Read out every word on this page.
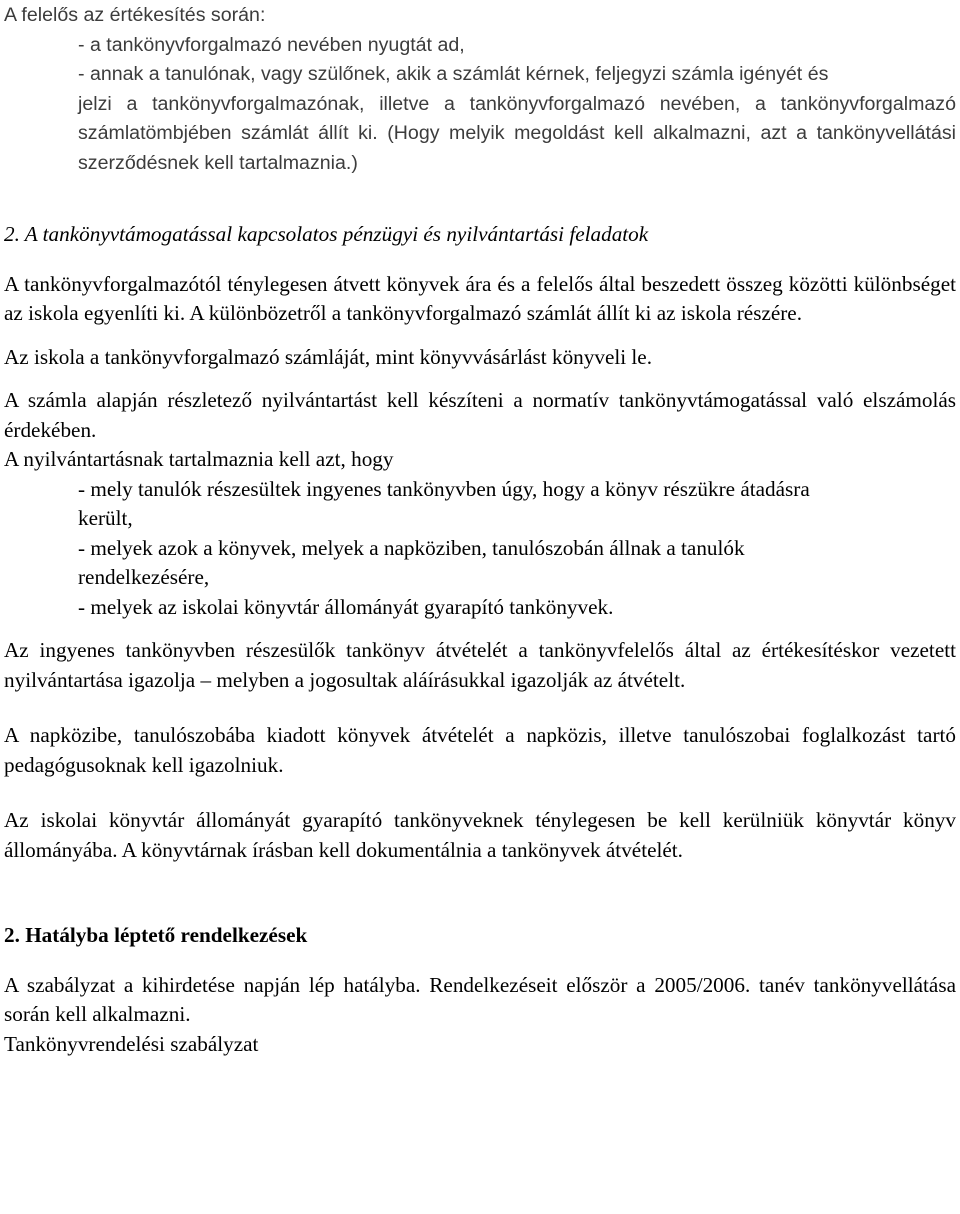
A felelős az értékesítés során:

- a tankönyvforgalmazó nevében nyugtát ad,

- annak a tanulónak, vagy szülőnek, akik a számlát kérnek, feljegyzi számla igényét és

jelzi a tankönyvforgalmazónak, illetve a tankönyvforgalmazó nevében, a tankönyvforgalmazó számlatömbjében számlát állít ki. (Hogy melyik megoldást kell alkalmazni, azt a tankönyvellátási szerződésnek kell tartalmaznia.)

2. A tankönyvtámogatással kapcsolatos pénzügyi és nyilvántartási feladatok

A tankönyvforgalmazótól ténylegesen átvett könyvek ára és a felelős által beszedett összeg közötti különbséget az iskola egyenlíti ki. A különbözetről a tankönyvforgalmazó számlát állít ki az iskola részére.

Az iskola a tankönyvforgalmazó számláját, mint könyvvásárlást könyveli le.

A számla alapján részletező nyilvántartást kell készíteni a normatív tankönyvtámogatással való elszámolás érdekében.

A nyilvántartásnak tartalmaznia kell azt, hogy

- mely tanulók részesültek ingyenes tankönyvben úgy, hogy a könyv részükre átadásra

került,

- melyek azok a könyvek, melyek a napköziben, tanulószobán állnak a tanulók

rendelkezésére,

- melyek az iskolai könyvtár állományát gyarapító tankönyvek.

Az ingyenes tankönyvben részesülők tankönyv átvételét a tankönyvfelelős által az értékesítéskor vezetett nyilvántartása igazolja – melyben a jogosultak aláírásukkal igazolják az átvételt.

A napközibe, tanulószobába kiadott könyvek átvételét a napközis, illetve tanulószobai foglalkozást tartó pedagógusoknak kell igazolniuk.

Az iskolai könyvtár állományát gyarapító tankönyveknek ténylegesen be kell kerülniük könyvtár könyv állományába. A könyvtárnak írásban kell dokumentálnia a tankönyvek átvételét.

2. Hatályba léptető rendelkezések

A szabályzat a kihirdetése napján lép hatályba. Rendelkezéseit először a 2005/2006. tanév tankönyvellátása során kell alkalmazni.

Tankönyvrendelési szabályzat
